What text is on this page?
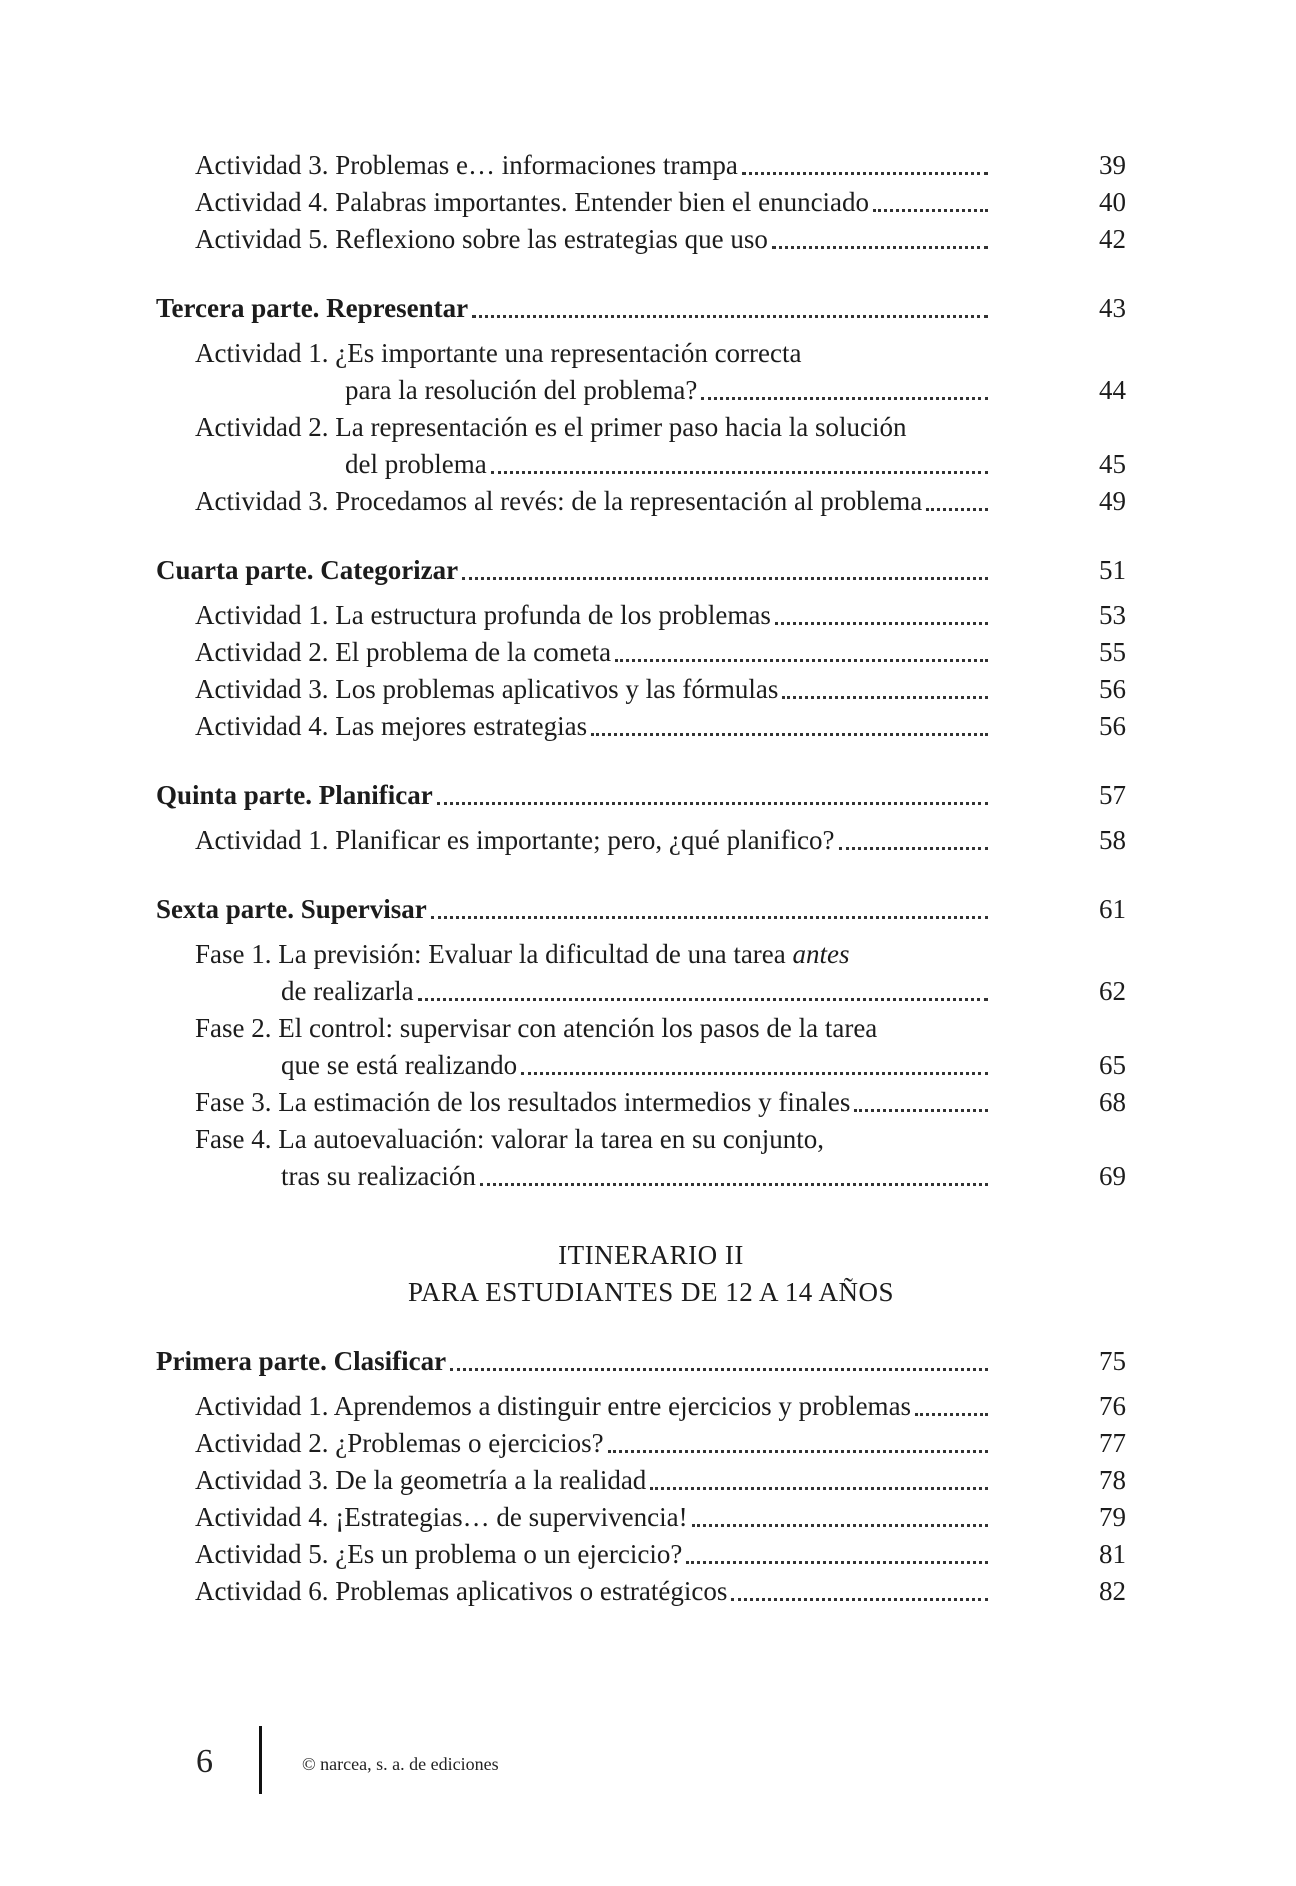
Actividad 3. Problemas e… informaciones trampa	39
Actividad 4. Palabras importantes. Entender bien el enunciado	40
Actividad 5. Reflexiono sobre las estrategias que uso	42
Tercera parte. Representar	43
Actividad 1. ¿Es importante una representación correcta
para la resolución del problema?	44
Actividad 2. La representación es el primer paso hacia la solución
del problema	45
Actividad 3. Procedamos al revés: de la representación al problema	49
Cuarta parte. Categorizar	51
Actividad 1. La estructura profunda de los problemas	53
Actividad 2. El problema de la cometa	55
Actividad 3. Los problemas aplicativos y las fórmulas	56
Actividad 4. Las mejores estrategias	56
Quinta parte. Planificar	57
Actividad 1. Planificar es importante; pero, ¿qué planifico?	58
Sexta parte. Supervisar	61
Fase 1. La previsión: Evaluar la dificultad de una tarea antes
de realizarla	62
Fase 2. El control: supervisar con atención los pasos de la tarea
que se está realizando	65
Fase 3. La estimación de los resultados intermedios y finales	68
Fase 4. La autoevaluación: valorar la tarea en su conjunto,
tras su realización	69
ITINERARIO II
PARA ESTUDIANTES DE 12 A 14 AÑOS
Primera parte. Clasificar	75
Actividad 1. Aprendemos a distinguir entre ejercicios y problemas	76
Actividad 2. ¿Problemas o ejercicios?	77
Actividad 3. De la geometría a la realidad	78
Actividad 4. ¡Estrategias… de supervivencia!	79
Actividad 5. ¿Es un problema o un ejercicio?	81
Actividad 6. Problemas aplicativos o estratégicos	82
6	© narcea, s. a. de ediciones
